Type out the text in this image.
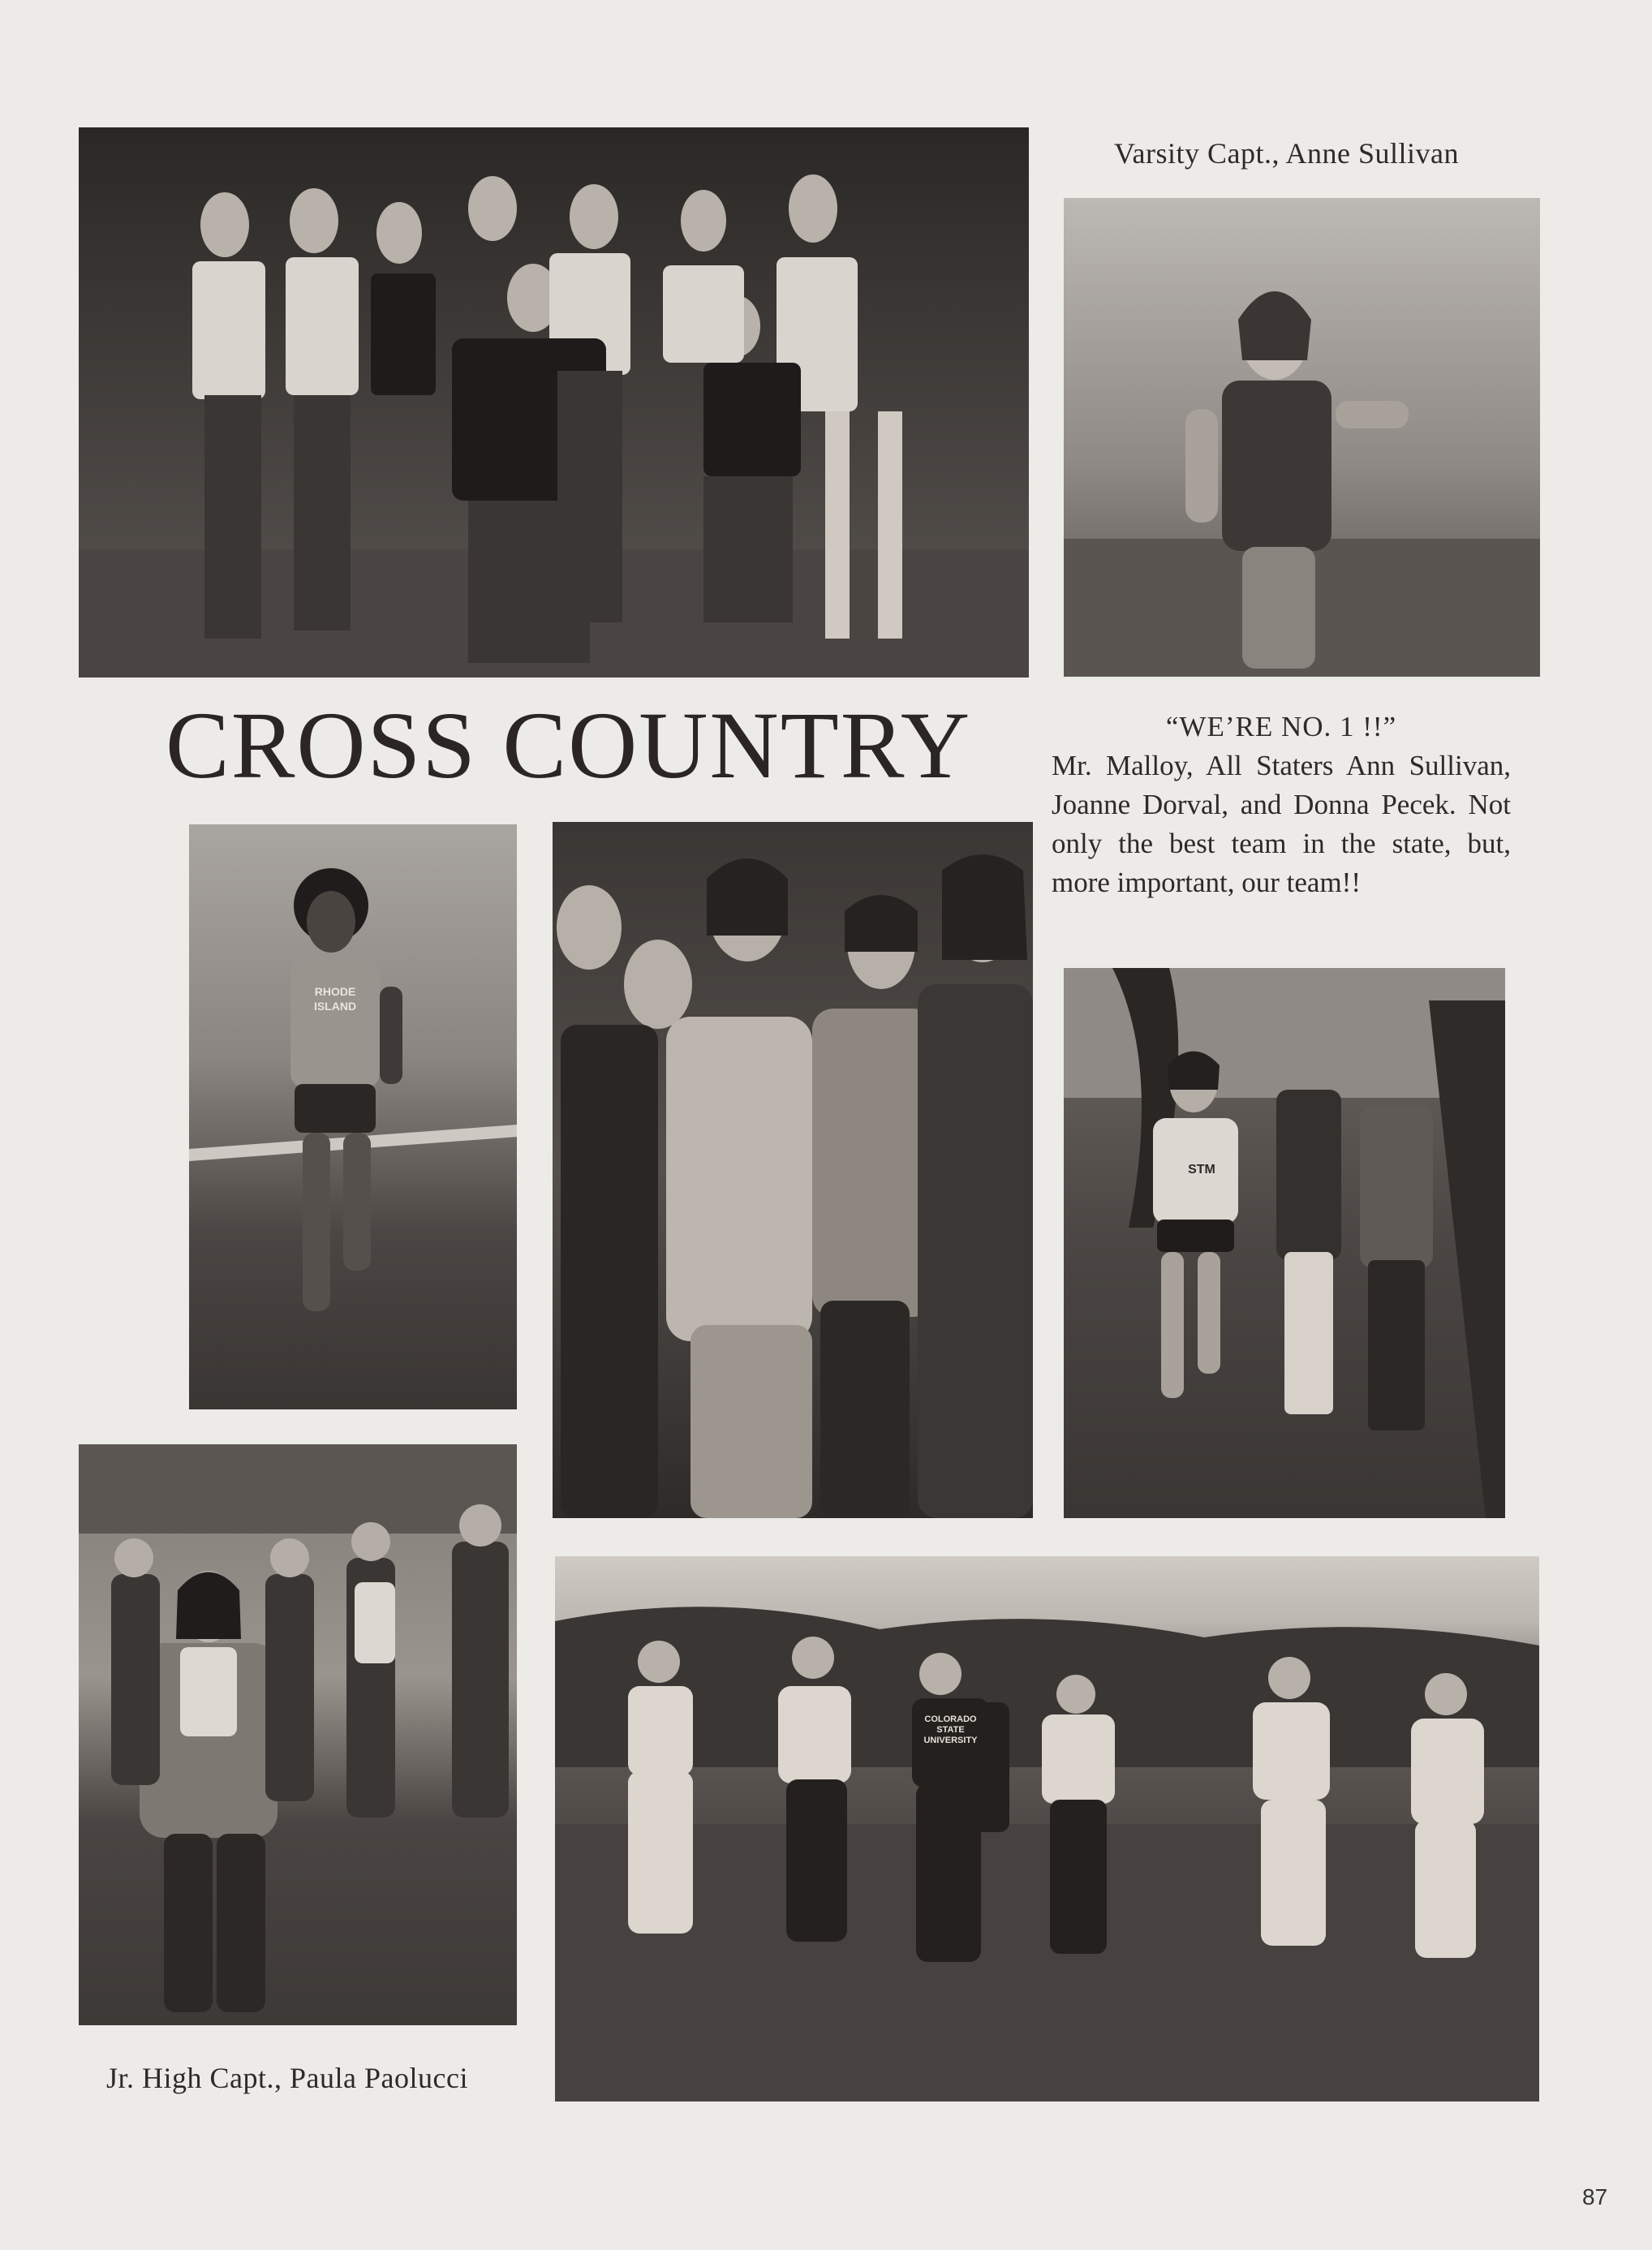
Varsity Capt., Anne Sullivan
CROSS COUNTRY	“WE’RE NO. 1 !!”
Mr. Malloy, All Staters Ann Sullivan, Joanne Dorval, and Donna Pecek. Not only the best team in the state, but, more important, our team!!
RHODE ISLAND
STM
Jr. High Capt., Paula Paolucci
COLORADO STATE UNIVERSITY
87
